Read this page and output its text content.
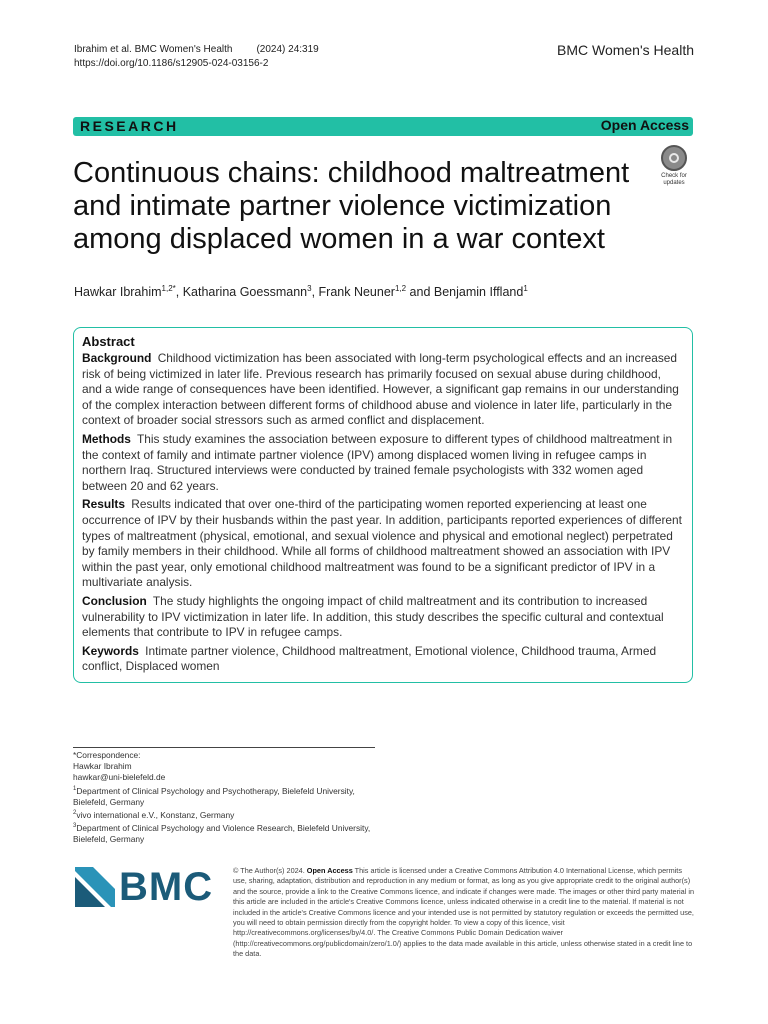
Ibrahim et al. BMC Women's Health (2024) 24:319
https://doi.org/10.1186/s12905-024-03156-2
BMC Women's Health
RESEARCH	Open Access
Continuous chains: childhood maltreatment and intimate partner violence victimization among displaced women in a war context
Check for updates
Hawkar Ibrahim$^{1,2*}$, Katharina Goessmann$^3$, Frank Neuner$^{1,2}$ and Benjamin Iffland$^1$
Abstract
Background Childhood victimization has been associated with long-term psychological effects and an increased risk of being victimized in later life. Previous research has primarily focused on sexual abuse during childhood, and a wide range of consequences have been identified. However, a significant gap remains in our understanding of the complex interaction between different forms of childhood abuse and violence in later life, particularly in the context of broader social stressors such as armed conflict and displacement.
Methods This study examines the association between exposure to different types of childhood maltreatment in the context of family and intimate partner violence (IPV) among displaced women living in refugee camps in northern Iraq. Structured interviews were conducted by trained female psychologists with 332 women aged between 20 and 62 years.
Results Results indicated that over one-third of the participating women reported experiencing at least one occurrence of IPV by their husbands within the past year. In addition, participants reported experiences of different types of maltreatment (physical, emotional, and sexual violence and physical and emotional neglect) perpetrated by family members in their childhood. While all forms of childhood maltreatment showed an association with IPV within the past year, only emotional childhood maltreatment was found to be a significant predictor of IPV in a multivariate analysis.
Conclusion The study highlights the ongoing impact of child maltreatment and its contribution to increased vulnerability to IPV victimization in later life. In addition, this study describes the specific cultural and contextual elements that contribute to IPV in refugee camps.
Keywords Intimate partner violence, Childhood maltreatment, Emotional violence, Childhood trauma, Armed conflict, Displaced women
*Correspondence:
Hawkar Ibrahim
hawkar@uni-bielefeld.de
$^1$Department of Clinical Psychology and Psychotherapy, Bielefeld University, Bielefeld, Germany
$^2$vivo international e.V., Konstanz, Germany
$^3$Department of Clinical Psychology and Violence Research, Bielefeld University, Bielefeld, Germany
BMC	© The Author(s) 2024. Open Access This article is licensed under a Creative Commons Attribution 4.0 International License, which permits use, sharing, adaptation, distribution and reproduction in any medium or format, as long as you give appropriate credit to the original author(s) and the source, provide a link to the Creative Commons licence, and indicate if changes were made. The images or other third party material in this article are included in the article's Creative Commons licence, unless indicated otherwise in a credit line to the material. If material is not included in the article's Creative Commons licence and your intended use is not permitted by statutory regulation or exceeds the permitted use, you will need to obtain permission directly from the copyright holder. To view a copy of this licence, visit http://creativecommons.org/licenses/by/4.0/. The Creative Commons Public Domain Dedication waiver (http://creativecommons.org/publicdomain/zero/1.0/) applies to the data made available in this article, unless otherwise stated in a credit line to the data.
